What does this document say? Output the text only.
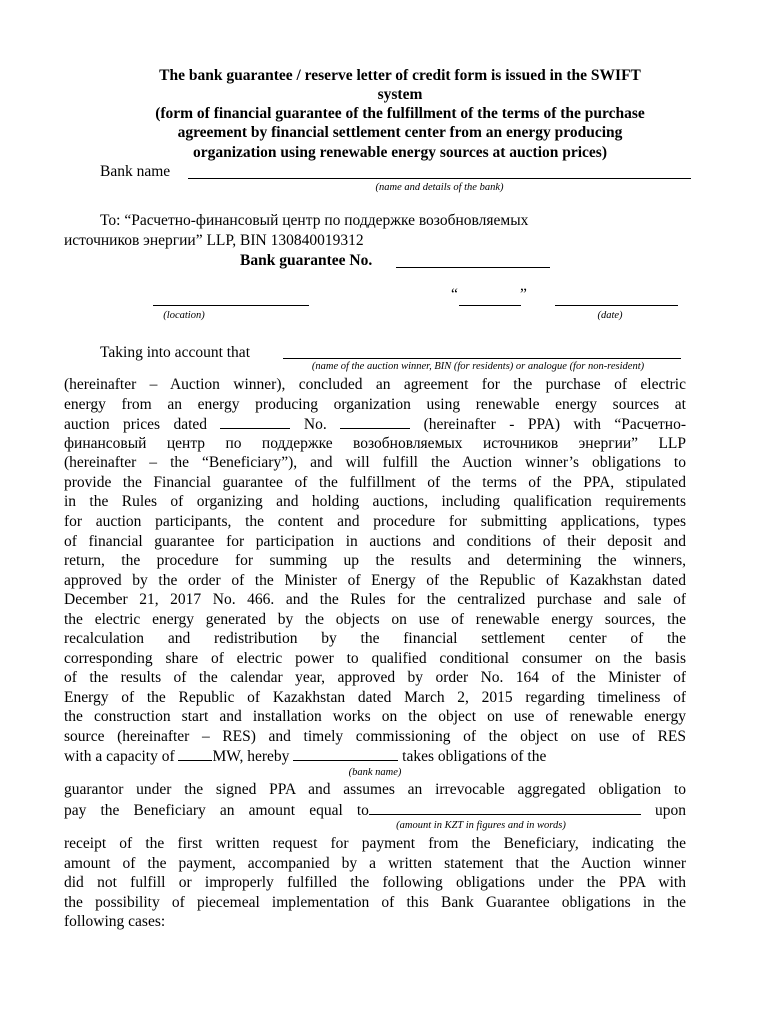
The bank guarantee / reserve letter of credit form is issued in the SWIFT
system
(form of financial guarantee of the fulfillment of the terms of the purchase
agreement by financial settlement center from an energy producing
organization using renewable energy sources at auction prices)
Bank name
(name and details of the bank)
To: “Расчетно-финансовый центр по поддержке возобновляемых
источников энергии” LLP, BIN 130840019312
Bank guarantee No.
(location)
“	”
(date)
Taking into account that
(name of the auction winner, BIN (for residents) or analogue (for non-resident)
(hereinafter – Auction winner), concluded an agreement for the purchase of electric
energy from an energy producing organization using renewable energy sources at
auction prices dated	No.	(hereinafter - PPA) with “Расчетно-
финансовый центр по поддержке возобновляемых источников энергии” LLP
(hereinafter – the “Beneficiary”), and will fulfill the Auction winner’s obligations to
provide the Financial guarantee of the fulfillment of the terms of the PPA, stipulated
in the Rules of organizing and holding auctions, including qualification requirements
for auction participants, the content and procedure for submitting applications, types
of financial guarantee for participation in auctions and conditions of their deposit and
return, the procedure for summing up the results and determining the winners,
approved by the order of the Minister of Energy of the Republic of Kazakhstan dated
December 21, 2017 No. 466. and the Rules for the centralized purchase and sale of
the electric energy generated by the objects on use of renewable energy sources, the
recalculation and redistribution by the financial settlement center of the
corresponding share of electric power to qualified conditional consumer on the basis
of the results of the calendar year, approved by order No. 164 of the Minister of
Energy of the Republic of Kazakhstan dated March 2, 2015 regarding timeliness of
the construction start and installation works on the object on use of renewable energy
source (hereinafter – RES) and timely commissioning of the object on use of RES
with a capacity of MW, hereby	takes obligations of the
(bank name)
guarantor under the signed PPA and assumes an irrevocable aggregated obligation to
pay the Beneficiary an amount equal to	upon
(amount in KZT in figures and in words)
receipt of the first written request for payment from the Beneficiary, indicating the
amount of the payment, accompanied by a written statement that the Auction winner
did not fulfill or improperly fulfilled the following obligations under the PPA with
the possibility of piecemeal implementation of this Bank Guarantee obligations in the
following cases:
